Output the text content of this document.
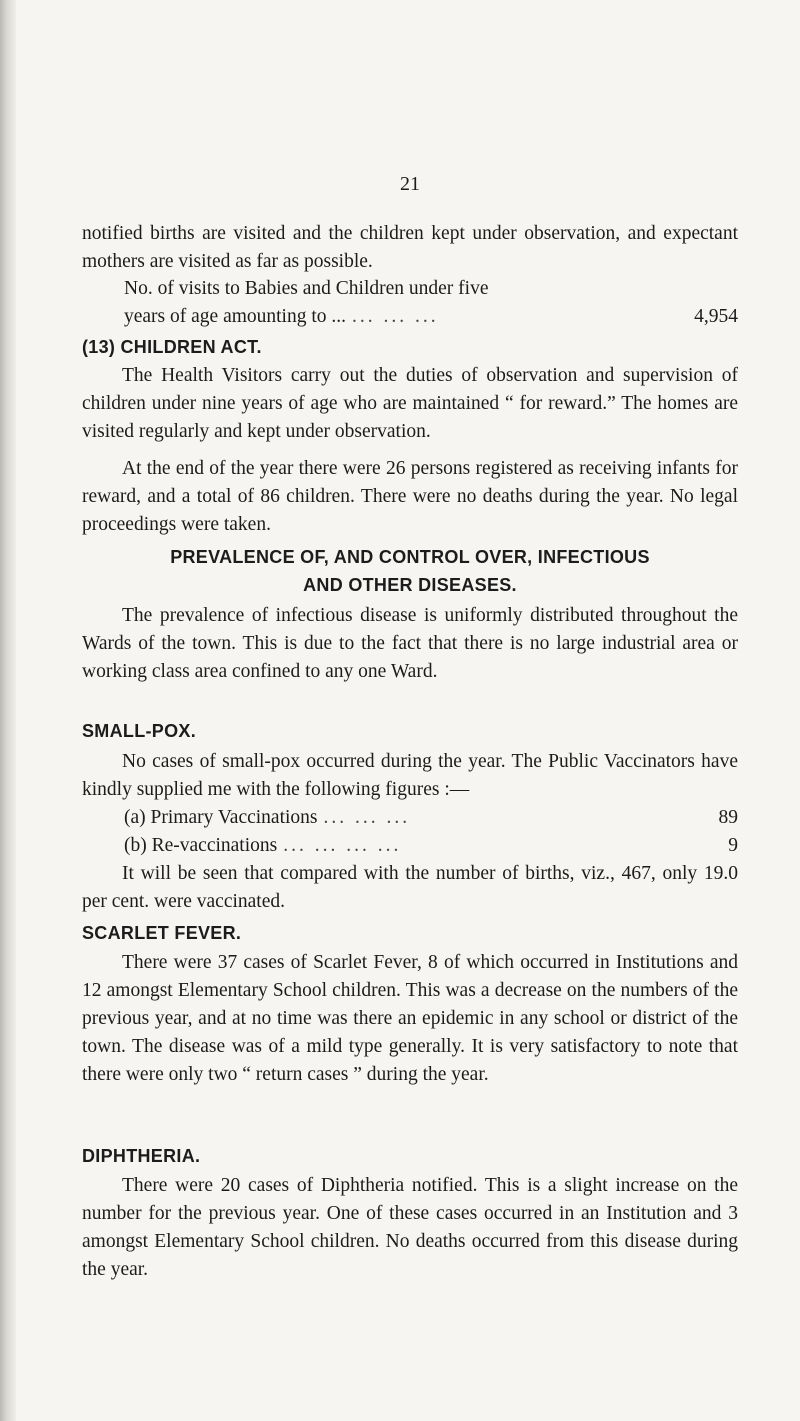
21

notified births are visited and the children kept under observation, and expectant mothers are visited as far as possible.

No. of visits to Babies and Children under five
years of age amounting to ... ... ... ...	4,954
(13) CHILDREN ACT.

The Health Visitors carry out the duties of observation and supervision of children under nine years of age who are maintained “ for reward.” The homes are visited regularly and kept under observation.

At the end of the year there were 26 persons registered as receiving infants for reward, and a total of 86 children. There were no deaths during the year. No legal proceedings were taken.

PREVALENCE OF, AND CONTROL OVER, INFECTIOUS
AND OTHER DISEASES.

The prevalence of infectious disease is uniformly distributed throughout the Wards of the town. This is due to the fact that there is no large industrial area or working class area confined to any one Ward.

SMALL-POX.

No cases of small-pox occurred during the year. The Public Vaccinators have kindly supplied me with the following figures :—

(a) Primary Vaccinations ... ... ...	89
(b) Re-vaccinations ... ... ... ...	9

It will be seen that compared with the number of births, viz., 467, only 19.0 per cent. were vaccinated.

SCARLET FEVER.

There were 37 cases of Scarlet Fever, 8 of which occurred in Institutions and 12 amongst Elementary School children. This was a decrease on the numbers of the previous year, and at no time was there an epidemic in any school or district of the town. The disease was of a mild type generally. It is very satisfactory to note that there were only two “ return cases ” during the year.

DIPHTHERIA.

There were 20 cases of Diphtheria notified. This is a slight increase on the number for the previous year. One of these cases occurred in an Institution and 3 amongst Elementary School children. No deaths occurred from this disease during the year.
